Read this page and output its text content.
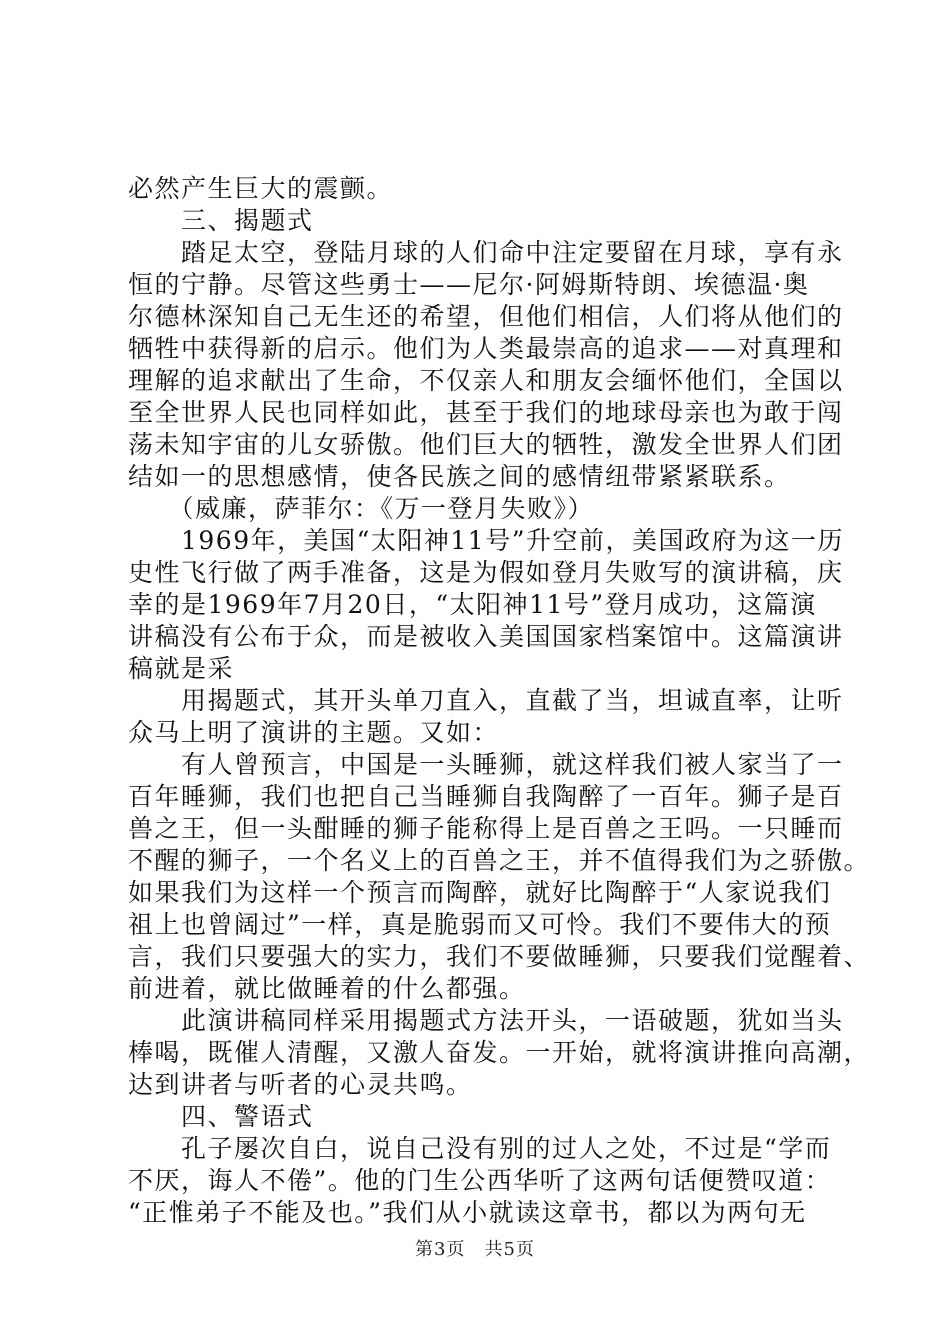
必然产生巨大的震颤。
　　三、揭题式
　　踏足太空，登陆月球的人们命中注定要留在月球，享有永
恒的宁静。尽管这些勇士——尼尔·阿姆斯特朗、埃德温·奥
尔德林深知自己无生还的希望，但他们相信，人们将从他们的
牺牲中获得新的启示。他们为人类最崇高的追求——对真理和
理解的追求献出了生命，不仅亲人和朋友会缅怀他们，全国以
至全世界人民也同样如此，甚至于我们的地球母亲也为敢于闯
荡未知宇宙的儿女骄傲。他们巨大的牺牲，激发全世界人们团
结如一的思想感情，使各民族之间的感情纽带紧紧联系。
　　（威廉，萨菲尔：《万一登月失败》）
　　1969年，美国“太阳神11号”升空前，美国政府为这一历
史性飞行做了两手准备，这是为假如登月失败写的演讲稿，庆
幸的是1969年7月20日，“太阳神11号”登月成功，这篇演
讲稿没有公布于众，而是被收入美国国家档案馆中。这篇演讲
稿就是采
　　用揭题式，其开头单刀直入，直截了当，坦诚直率，让听
众马上明了演讲的主题。又如：
　　有人曾预言，中国是一头睡狮，就这样我们被人家当了一
百年睡狮，我们也把自己当睡狮自我陶醉了一百年。狮子是百
兽之王，但一头酣睡的狮子能称得上是百兽之王吗。一只睡而
不醒的狮子，一个名义上的百兽之王，并不值得我们为之骄傲。
如果我们为这样一个预言而陶醉，就好比陶醉于“人家说我们
祖上也曾阔过”一样，真是脆弱而又可怜。我们不要伟大的预
言，我们只要强大的实力，我们不要做睡狮，只要我们觉醒着、
前进着，就比做睡着的什么都强。
　　此演讲稿同样采用揭题式方法开头，一语破题，犹如当头
棒喝，既催人清醒，又激人奋发。一开始，就将演讲推向高潮，
达到讲者与听者的心灵共鸣。
　　四、警语式
　　孔子屡次自白，说自己没有别的过人之处，不过是“学而
不厌，诲人不倦”。他的门生公西华听了这两句话便赞叹道：
“正惟弟子不能及也。”我们从小就读这章书，都以为两句无
第3页　共5页
